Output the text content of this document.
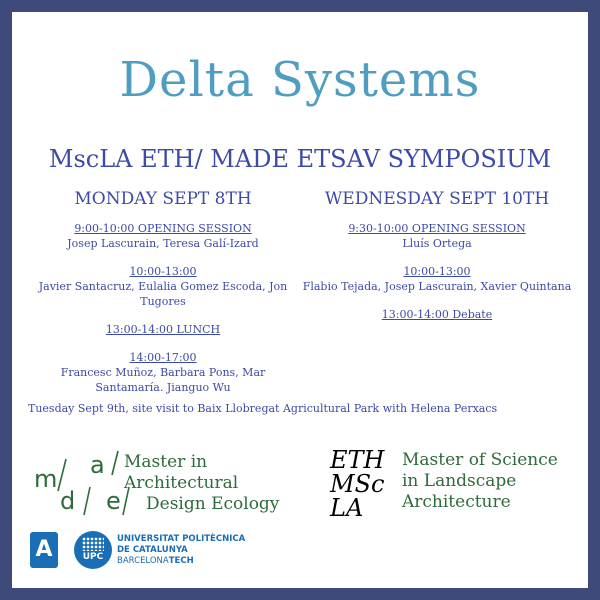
Delta Systems
MscLA ETH/ MADE ETSAV SYMPOSIUM
MONDAY SEPT 8TH
9:00-10:00 OPENING SESSION
Josep Lascurain, Teresa Galí-Izard
10:00-13:00
Javier Santacruz, Eulalia Gomez Escoda, Jon Tugores
13:00-14:00 LUNCH
14:00-17:00
Francesc Muñoz, Barbara Pons, Mar Santamaría. Jianguo Wu
WEDNESDAY SEPT 10TH
9:30-10:00 OPENING SESSION
Lluís Ortega
10:00-13:00
Flabio Tejada, Josep Lascurain, Xavier Quintana
13:00-14:00 Debate
Tuesday Sept 9th, site visit to Baix Llobregat Agricultural Park with Helena Perxacs
m a
d e
Master in
Architectural
Design Ecology
ETH
MSc
LA
Master of Science
in Landscape
Architecture
A	UPC
UNIVERSITAT POLITÈCNICA
DE CATALUNYA
BARCELONATECH
